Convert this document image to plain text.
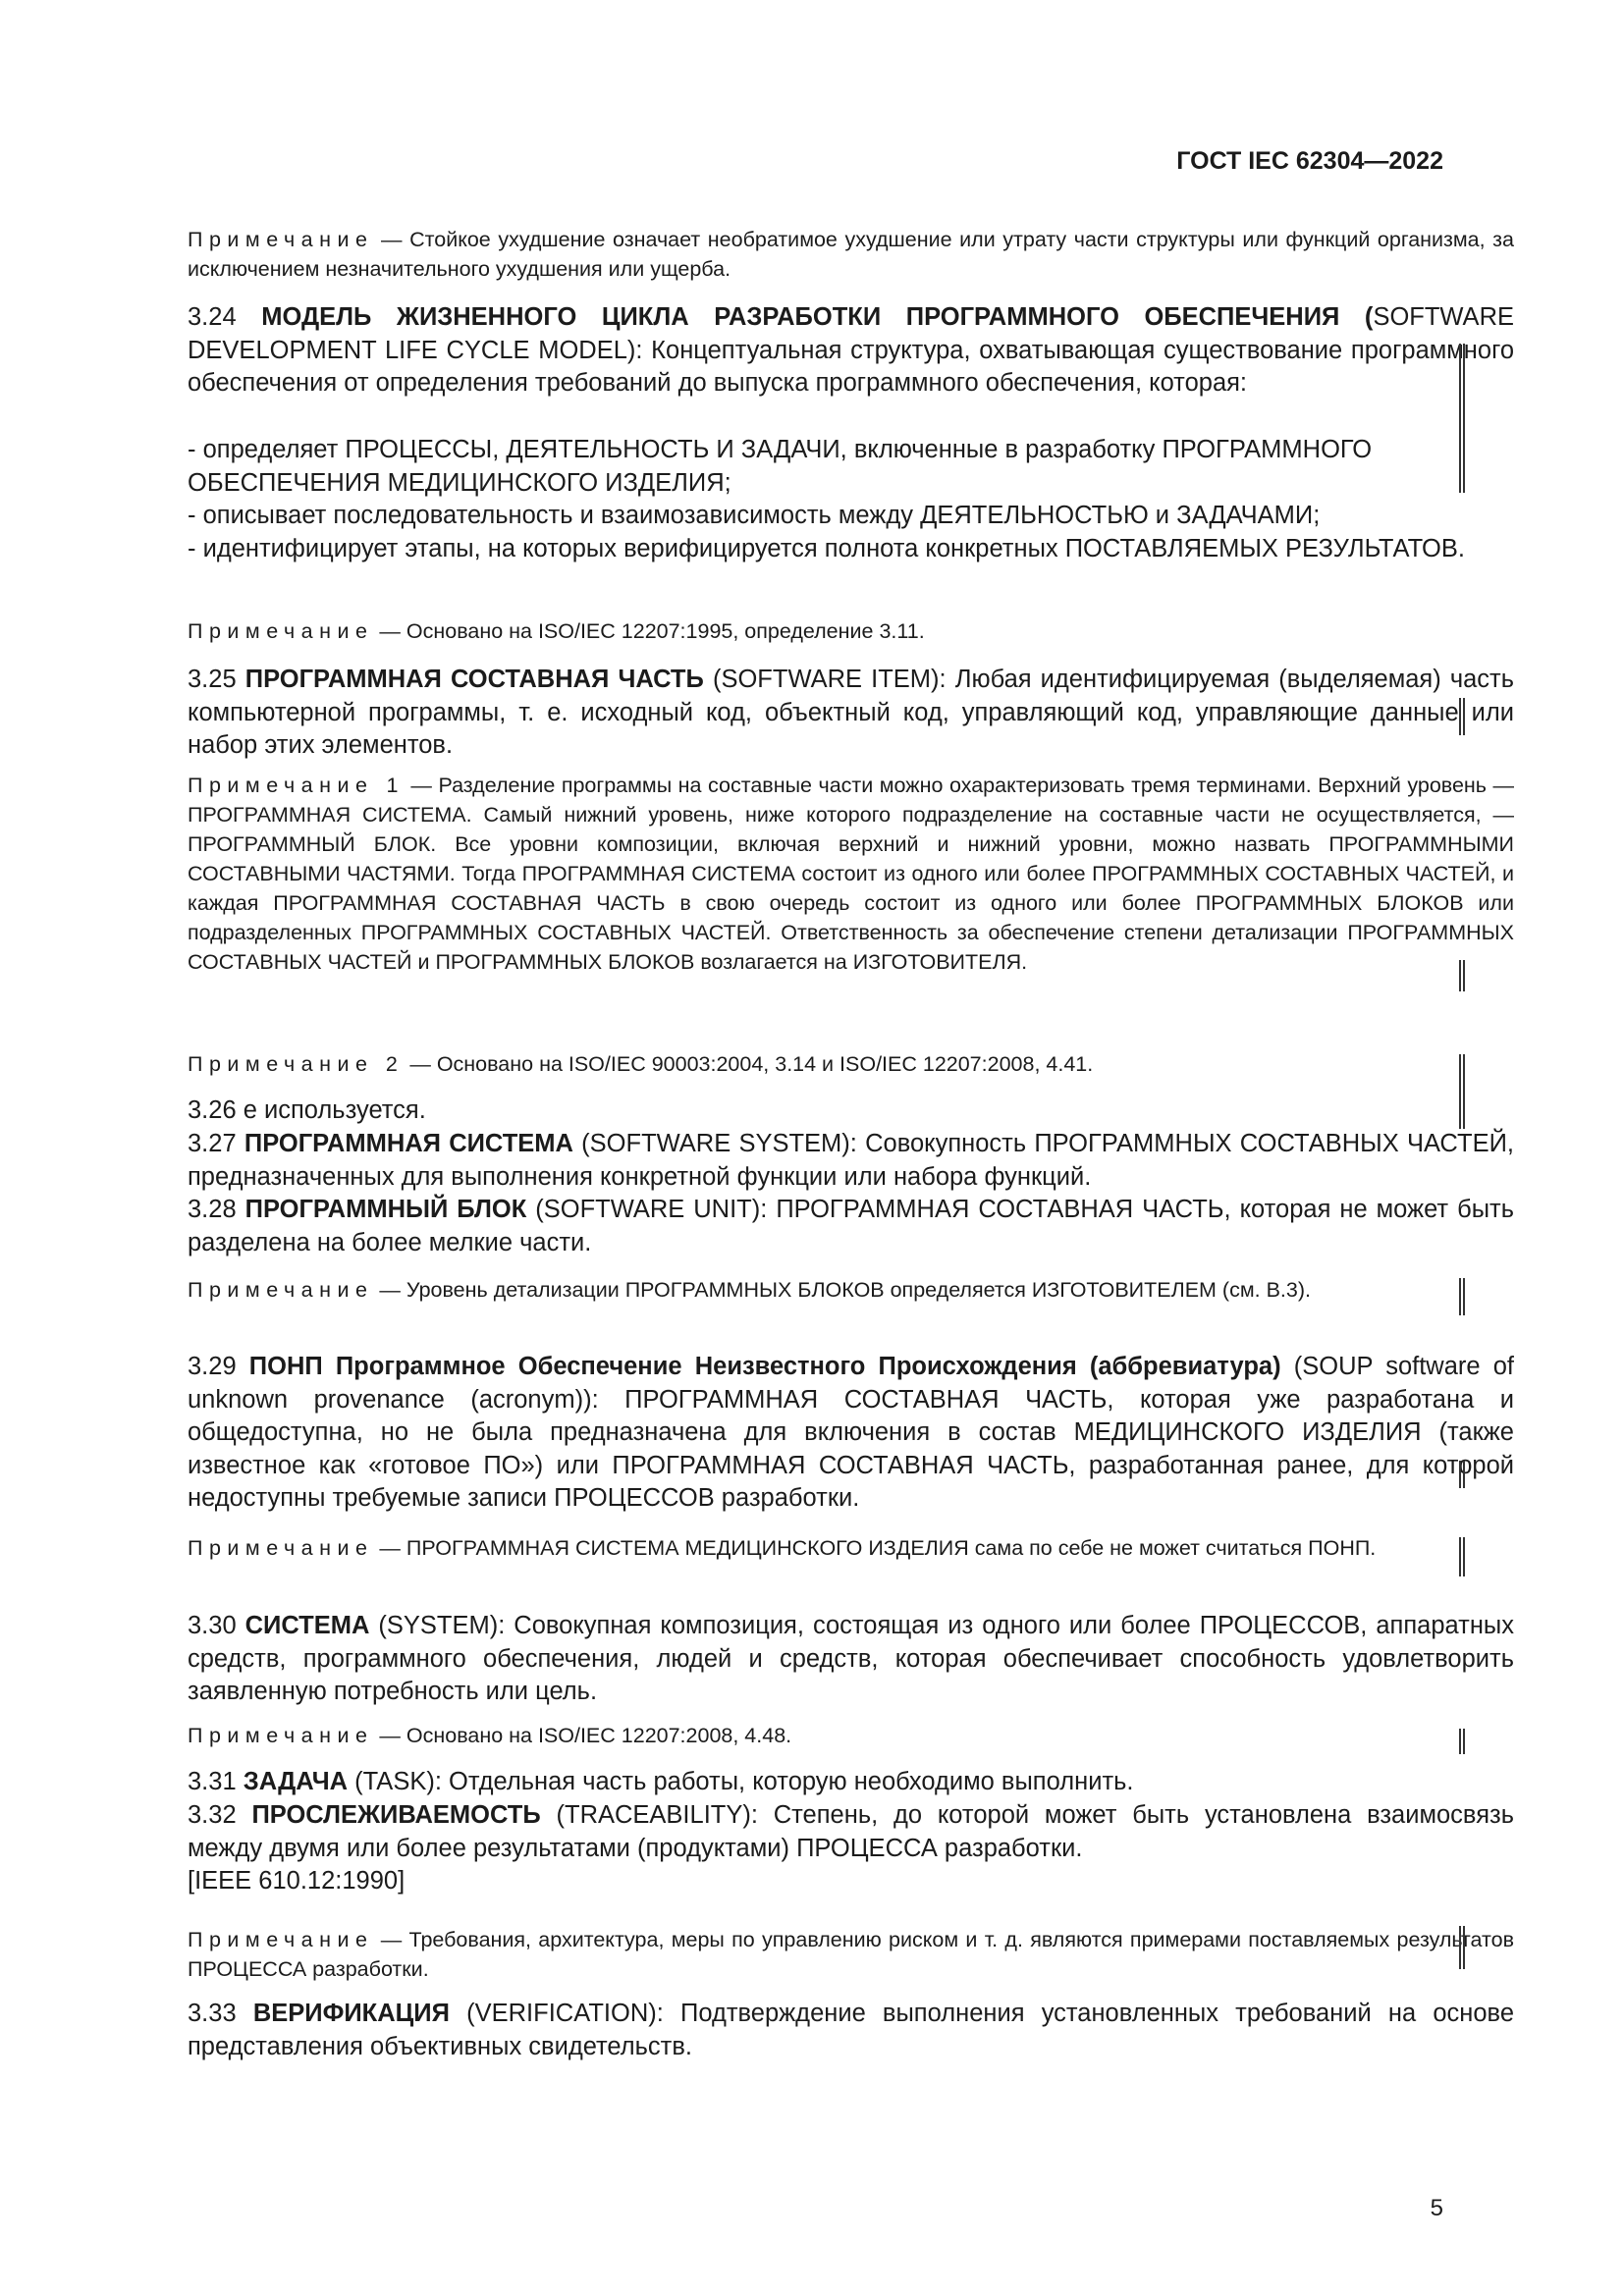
ГОСТ IEC 62304—2022
Примечание — Стойкое ухудшение означает необратимое ухудшение или утрату части структуры или функций организма, за исключением незначительного ухудшения или ущерба.
3.24 МОДЕЛЬ ЖИЗНЕННОГО ЦИКЛА РАЗРАБОТКИ ПРОГРАММНОГО ОБЕСПЕЧЕНИЯ (SOFTWARE DEVELOPMENT LIFE CYCLE MODEL): Концептуальная структура, охватывающая существование программного обеспечения от определения требований до выпуска программного обеспечения, которая:
- определяет ПРОЦЕССЫ, ДЕЯТЕЛЬНОСТЬ И ЗАДАЧИ, включенные в разработку ПРОГРАММНОГО ОБЕСПЕЧЕНИЯ МЕДИЦИНСКОГО ИЗДЕЛИЯ;
- описывает последовательность и взаимозависимость между ДЕЯТЕЛЬНОСТЬЮ и ЗАДАЧАМИ;
- идентифицирует этапы, на которых верифицируется полнота конкретных ПОСТАВЛЯЕМЫХ РЕЗУЛЬТАТОВ.
Примечание — Основано на ISO/IEC 12207:1995, определение 3.11.
3.25 ПРОГРАММНАЯ СОСТАВНАЯ ЧАСТЬ (SOFTWARE ITEM): Любая идентифицируемая (выделяемая) часть компьютерной программы, т. е. исходный код, объектный код, управляющий код, управляющие данные или набор этих элементов.
Примечание 1 — Разделение программы на составные части можно охарактеризовать тремя терминами. Верхний уровень — ПРОГРАММНАЯ СИСТЕМА. Самый нижний уровень, ниже которого подразделение на составные части не осуществляется, — ПРОГРАММНЫЙ БЛОК. Все уровни композиции, включая верхний и нижний уровни, можно назвать ПРОГРАММНЫМИ СОСТАВНЫМИ ЧАСТЯМИ. Тогда ПРОГРАММНАЯ СИСТЕМА состоит из одного или более ПРОГРАММНЫХ СОСТАВНЫХ ЧАСТЕЙ, и каждая ПРОГРАММНАЯ СОСТАВНАЯ ЧАСТЬ в свою очередь состоит из одного или более ПРОГРАММНЫХ БЛОКОВ или подразделенных ПРОГРАММНЫХ СОСТАВНЫХ ЧАСТЕЙ. Ответственность за обеспечение степени детализации ПРОГРАММНЫХ СОСТАВНЫХ ЧАСТЕЙ и ПРОГРАММНЫХ БЛОКОВ возлагается на ИЗГОТОВИТЕЛЯ.
Примечание 2 — Основано на ISO/IEC 90003:2004, 3.14 и ISO/IEC 12207:2008, 4.41.
3.26 е используется.
3.27 ПРОГРАММНАЯ СИСТЕМА (SOFTWARE SYSTEM): Совокупность ПРОГРАММНЫХ СОСТАВНЫХ ЧАСТЕЙ, предназначенных для выполнения конкретной функции или набора функций.
3.28 ПРОГРАММНЫЙ БЛОК (SOFTWARE UNIT): ПРОГРАММНАЯ СОСТАВНАЯ ЧАСТЬ, которая не может быть разделена на более мелкие части.
Примечание — Уровень детализации ПРОГРАММНЫХ БЛОКОВ определяется ИЗГОТОВИТЕЛЕМ (см. В.3).
3.29 ПОНП Программное Обеспечение Неизвестного Происхождения (аббревиатура) (SOUP software of unknown provenance (acronym)): ПРОГРАММНАЯ СОСТАВНАЯ ЧАСТЬ, которая уже разработана и общедоступна, но не была предназначена для включения в состав МЕДИЦИНСКОГО ИЗДЕЛИЯ (также известное как «готовое ПО») или ПРОГРАММНАЯ СОСТАВНАЯ ЧАСТЬ, разработанная ранее, для которой недоступны требуемые записи ПРОЦЕССОВ разработки.
Примечание — ПРОГРАММНАЯ СИСТЕМА МЕДИЦИНСКОГО ИЗДЕЛИЯ сама по себе не может считаться ПОНП.
3.30 СИСТЕМА (SYSTEM): Совокупная композиция, состоящая из одного или более ПРОЦЕССОВ, аппаратных средств, программного обеспечения, людей и средств, которая обеспечивает способность удовлетворить заявленную потребность или цель.
Примечание — Основано на ISO/IEC 12207:2008, 4.48.
3.31 ЗАДАЧА (TASK): Отдельная часть работы, которую необходимо выполнить.
3.32 ПРОСЛЕЖИВАЕМОСТЬ (TRACEABILITY): Степень, до которой может быть установлена взаимосвязь между двумя или более результатами (продуктами) ПРОЦЕССА разработки.
[IEEE 610.12:1990]
Примечание — Требования, архитектура, меры по управлению риском и т. д. являются примерами поставляемых результатов ПРОЦЕССА разработки.
3.33 ВЕРИФИКАЦИЯ (VERIFICATION): Подтверждение выполнения установленных требований на основе представления объективных свидетельств.
5
